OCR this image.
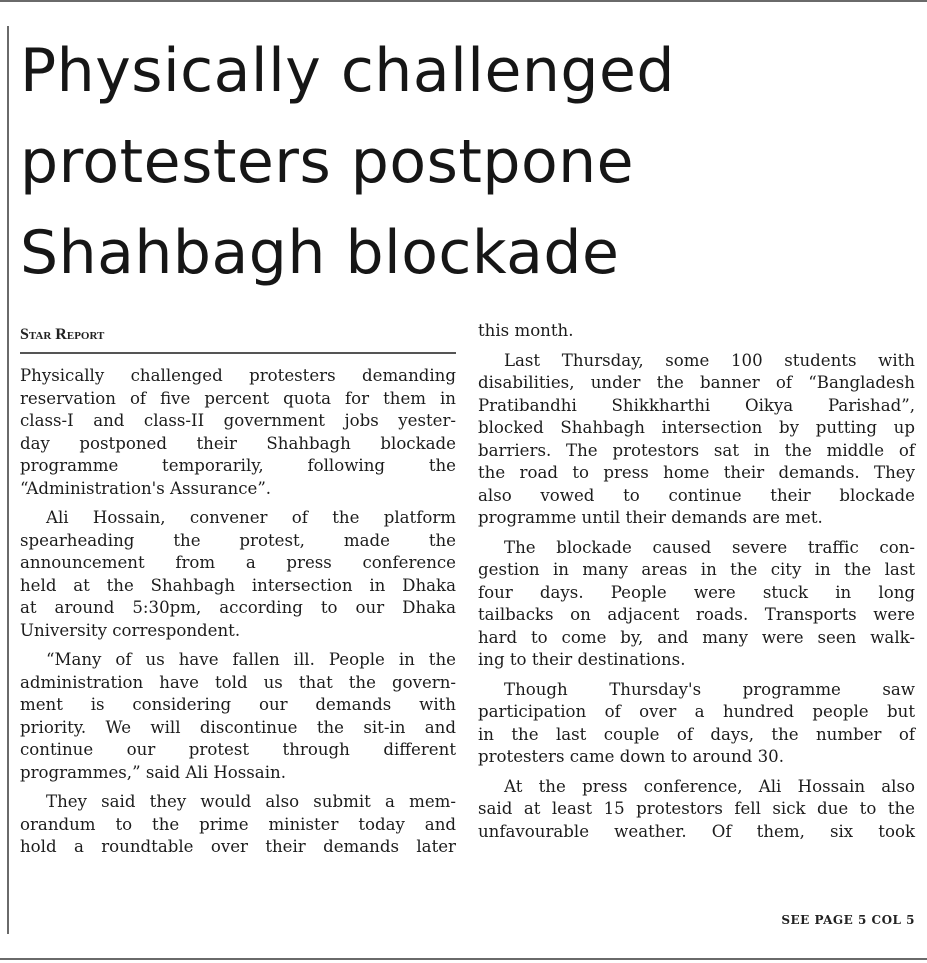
Physically challenged
protesters postpone
Shahbagh blockade
Star Report
Physically challenged protesters demanding
reservation of five percent quota for them in
class-I and class-II government jobs yester-
day postponed their Shahbagh blockade
programme temporarily, following the
“Administration's Assurance”.
Ali Hossain, convener of the platform
spearheading the protest, made the
announcement from a press conference
held at the Shahbagh intersection in Dhaka
at around 5:30pm, according to our Dhaka
University correspondent.
“Many of us have fallen ill. People in the
administration have told us that the govern-
ment is considering our demands with
priority. We will discontinue the sit-in and
continue our protest through different
programmes,” said Ali Hossain.
They said they would also submit a mem-
orandum to the prime minister today and
hold a roundtable over their demands later
this month.
Last Thursday, some 100 students with
disabilities, under the banner of “Bangladesh
Pratibandhi Shikkharthi Oikya Parishad”,
blocked Shahbagh intersection by putting up
barriers. The protestors sat in the middle of
the road to press home their demands. They
also vowed to continue their blockade
programme until their demands are met.
The blockade caused severe traffic con-
gestion in many areas in the city in the last
four days. People were stuck in long
tailbacks on adjacent roads. Transports were
hard to come by, and many were seen walk-
ing to their destinations.
Though Thursday's programme saw
participation of over a hundred people but
in the last couple of days, the number of
protesters came down to around 30.
At the press conference, Ali Hossain also
said at least 15 protestors fell sick due to the
unfavourable weather. Of them, six took
SEE PAGE 5 COL 5
